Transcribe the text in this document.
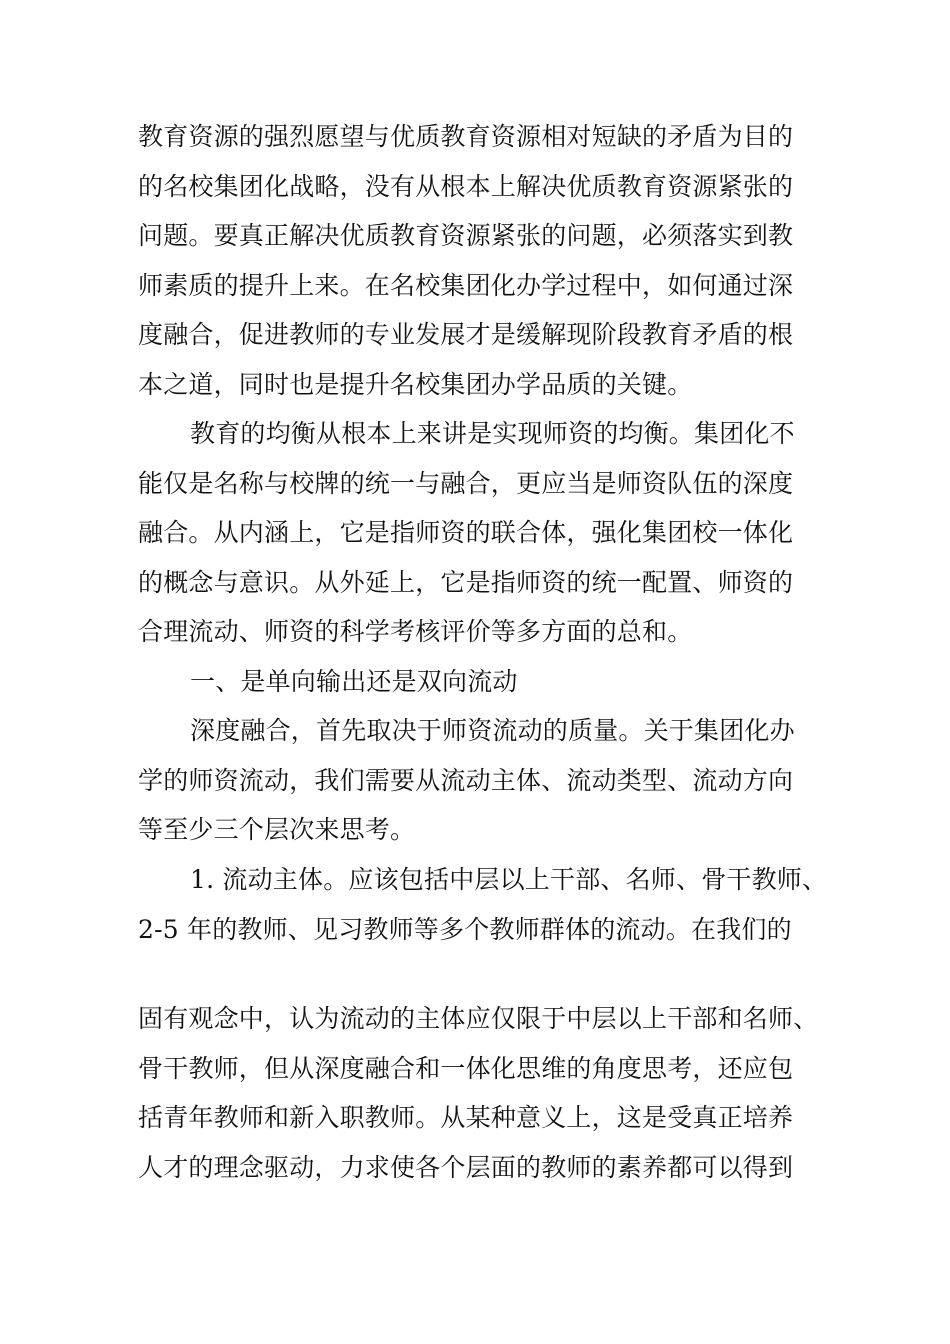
教育资源的强烈愿望与优质教育资源相对短缺的矛盾为目的
的名校集团化战略，没有从根本上解决优质教育资源紧张的
问题。要真正解决优质教育资源紧张的问题，必须落实到教
师素质的提升上来。在名校集团化办学过程中，如何通过深
度融合，促进教师的专业发展才是缓解现阶段教育矛盾的根
本之道，同时也是提升名校集团办学品质的关键。
教育的均衡从根本上来讲是实现师资的均衡。集团化不
能仅是名称与校牌的统一与融合，更应当是师资队伍的深度
融合。从内涵上，它是指师资的联合体，强化集团校一体化
的概念与意识。从外延上，它是指师资的统一配置、师资的
合理流动、师资的科学考核评价等多方面的总和。
一、是单向输出还是双向流动
深度融合，首先取决于师资流动的质量。关于集团化办
学的师资流动，我们需要从流动主体、流动类型、流动方向
等至少三个层次来思考。
1. 流动主体。应该包括中层以上干部、名师、骨干教师、
2-5 年的教师、见习教师等多个教师群体的流动。在我们的
固有观念中，认为流动的主体应仅限于中层以上干部和名师、
骨干教师，但从深度融合和一体化思维的角度思考，还应包
括青年教师和新入职教师。从某种意义上，这是受真正培养
人才的理念驱动，力求使各个层面的教师的素养都可以得到
